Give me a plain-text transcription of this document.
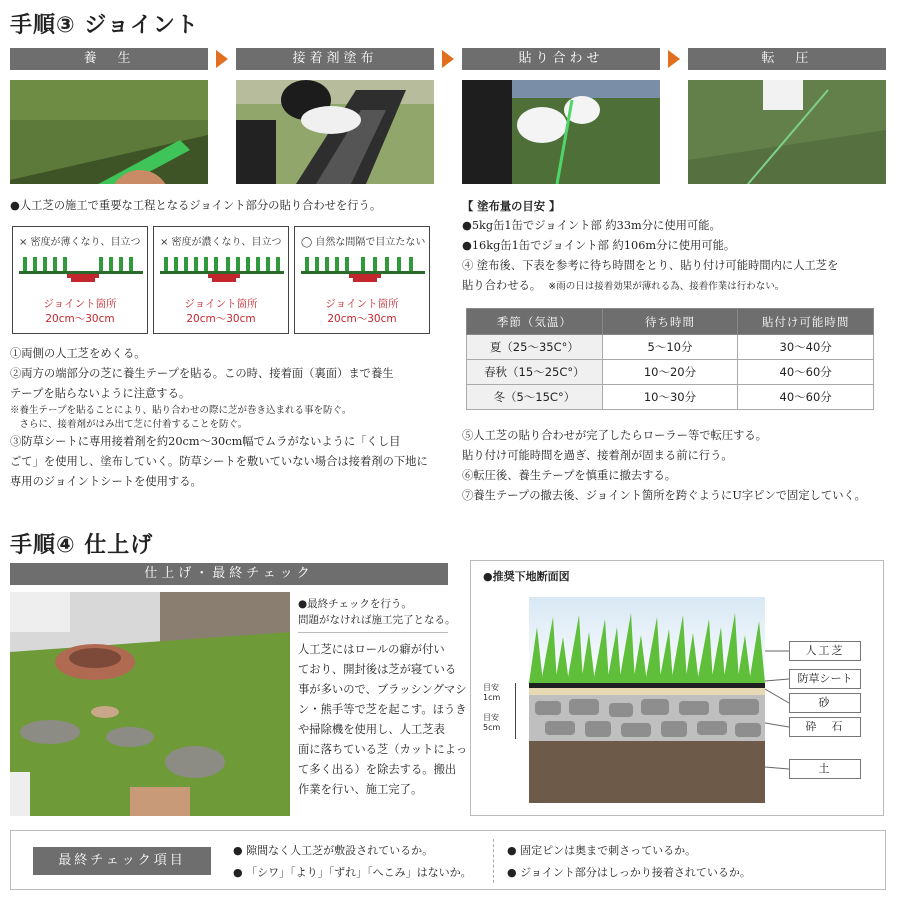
手順③ ジョイント
養　生	接着剤塗布	貼り合わせ	転　圧
●人工芝の施工で重要な工程となるジョイント部分の貼り合わせを行う。
× 密度が薄くなり、目立つ
ジョイント箇所
20cm〜30cm
× 密度が濃くなり、目立つ
ジョイント箇所
20cm〜30cm
◯ 自然な間隔で目立たない
ジョイント箇所
20cm〜30cm
①両側の人工芝をめくる。
②両方の端部分の芝に養生テープを貼る。この時、接着面（裏面）まで養生
テープを貼らないように注意する。
※養生テープを貼ることにより、貼り合わせの際に芝が巻き込まれる事を防ぐ。
　さらに、接着剤がはみ出て芝に付着することを防ぐ。
③防草シートに専用接着剤を約20cm〜30cm幅でムラがないように「くし目
ごて」を使用し、塗布していく。防草シートを敷いていない場合は接着剤の下地に
専用のジョイントシートを使用する。
【 塗布量の目安 】
●5kg缶1缶でジョイント部 約33m分に使用可能。
●16kg缶1缶でジョイント部 約106m分に使用可能。
④ 塗布後、下表を参考に待ち時間をとり、貼り付け可能時間内に人工芝を
貼り合わせる。 ※雨の日は接着効果が薄れる為、接着作業は行わない。
季節（気温）	待ち時間	貼付け可能時間
夏（25〜35C°）	5〜10分	30〜40分
春秋（15〜25C°）	10〜20分	40〜60分
冬（5〜15C°）	10〜30分	40〜60分
⑤人工芝の貼り合わせが完了したらローラー等で転圧する。
貼り付け可能時間を過ぎ、接着剤が固まる前に行う。
⑥転圧後、養生テープを慎重に撤去する。
⑦養生テープの撤去後、ジョイント箇所を跨ぐようにU字ピンで固定していく。
手順④ 仕上げ
仕上げ・最終チェック
●最終チェックを行う。
問題がなければ施工完了となる。
人工芝にはロールの癖が付い
ており、開封後は芝が寝ている
事が多いので、ブラッシングマシ
ン・熊手等で芝を起こす。ほうき
や掃除機を使用し、人工芝表
面に落ちている芝（カットによっ
て多く出る）を除去する。搬出
作業を行い、施工完了。
●推奨下地断面図
目安
1cm
目安
5cm
人工芝
防草シート
砂
砕　石
土
最終チェック項目
● 隙間なく人工芝が敷設されているか。
● 「シワ」「より」「ずれ」「へこみ」はないか。
● 固定ピンは奥まで刺さっているか。
● ジョイント部分はしっかり接着されているか。
